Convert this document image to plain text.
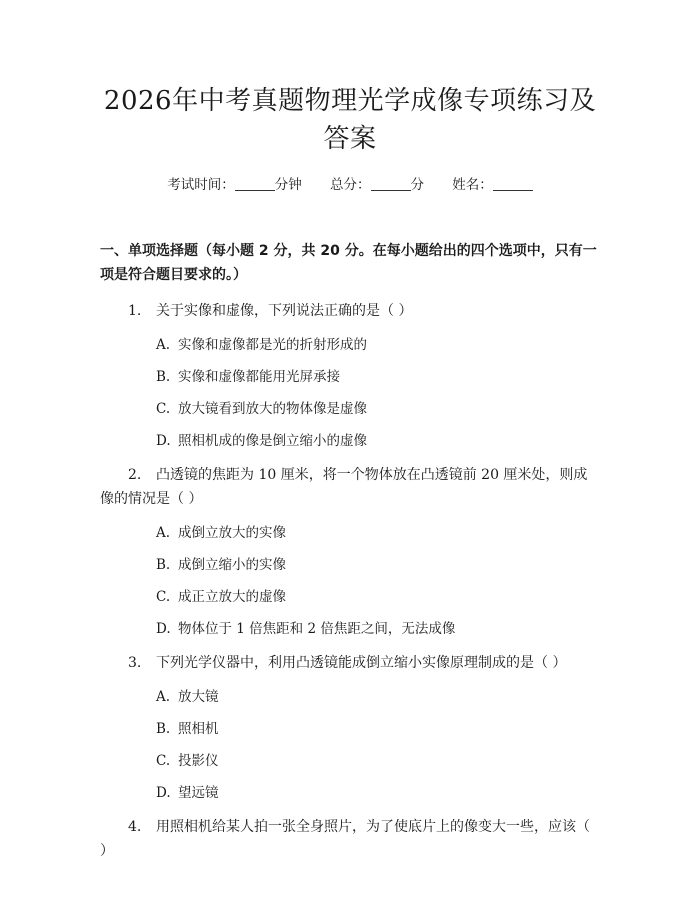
2026年中考真题物理光学成像专项练习及答案
考试时间：	分钟 总分：	分 姓名：
一、单项选择题（每小题 2 分，共 20 分。在每小题给出的四个选项中，只有一项是符合题目要求的。）
1. 关于实像和虚像，下列说法正确的是（ ）
A. 实像和虚像都是光的折射形成的
B. 实像和虚像都能用光屏承接
C. 放大镜看到放大的物体像是虚像
D. 照相机成的像是倒立缩小的虚像
2. 凸透镜的焦距为 10 厘米，将一个物体放在凸透镜前 20 厘米处，则成像的情况是（ ）
A. 成倒立放大的实像
B. 成倒立缩小的实像
C. 成正立放大的虚像
D. 物体位于 1 倍焦距和 2 倍焦距之间，无法成像
3. 下列光学仪器中，利用凸透镜能成倒立缩小实像原理制成的是（ ）
A. 放大镜
B. 照相机
C. 投影仪
D. 望远镜
4. 用照相机给某人拍一张全身照片，为了使底片上的像变大一些，应该（ ）
